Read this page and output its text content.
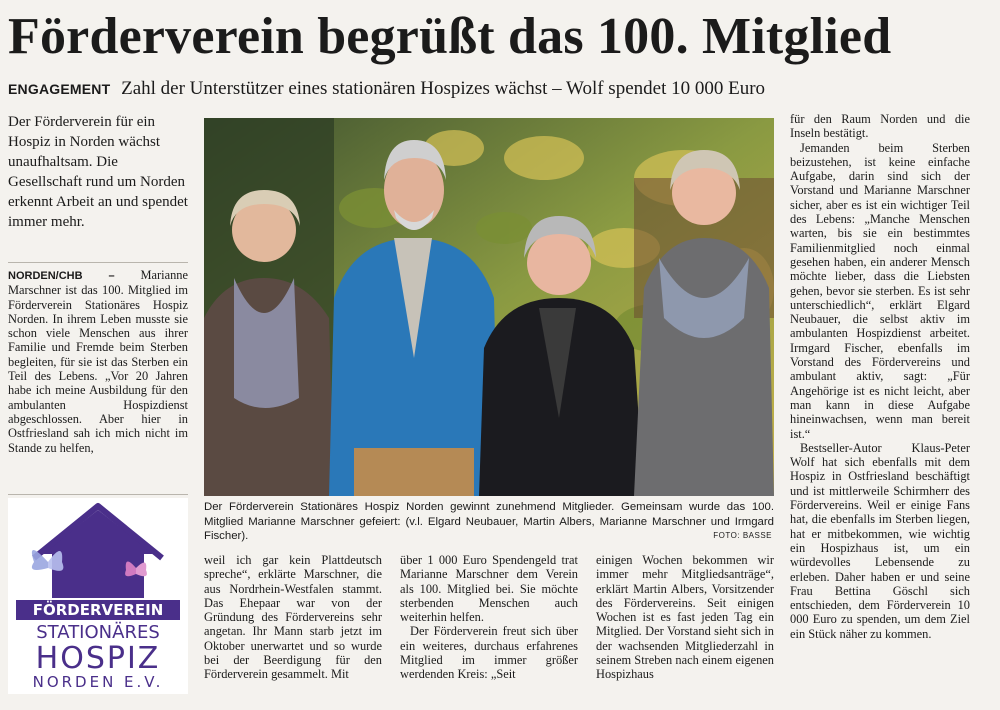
Förderverein begrüßt das 100. Mitglied
ENGAGEMENT Zahl der Unterstützer eines stationären Hospizes wächst – Wolf spendet 10 000 Euro
Der Förderverein für ein Hospiz in Norden wächst unaufhaltsam. Die Gesellschaft rund um Norden erkennt Arbeit an und spendet immer mehr.

NORDEN/CHB – Marianne Marschner ist das 100. Mitglied im Förderverein Stationäres Hospiz Norden. In ihrem Leben musste sie schon viele Menschen aus ihrer Familie und Fremde beim Sterben begleiten, für sie ist das Sterben ein Teil des Lebens. „Vor 20 Jahren habe ich meine Ausbildung für den ambulanten Hospizdienst abgeschlossen. Aber hier in Ostfriesland sah ich mich nicht im Stande zu helfen,

Der Förderverein Stationäres Hospiz Norden gewinnt zunehmend Mitglieder. Gemeinsam wurde das 100. Mitglied Marianne Marschner gefeiert: (v.l. Elgard Neubauer, Martin Albers, Marianne Marschner und Irmgard Fischer).	FOTO: BASSE

weil ich gar kein Plattdeutsch spreche“, erklärte Marschner, die aus Nordrhein-Westfalen stammt. Das Ehepaar war von der Gründung des Fördervereins sehr angetan. Ihr Mann starb jetzt im Oktober unerwartet und so wurde bei der Beerdigung für den Förderverein gesammelt. Mit

über 1 000 Euro Spendengeld trat Marianne Marschner dem Verein als 100. Mitglied bei. Sie möchte sterbenden Menschen auch weiterhin helfen.

Der Förderverein freut sich über ein weiteres, durchaus erfahrenes Mitglied im immer größer werdenden Kreis: „Seit

einigen Wochen bekommen wir immer mehr Mitgliedsanträge“, erklärt Martin Albers, Vorsitzender des Fördervereins. Seit einigen Wochen ist es fast jeden Tag ein Mitglied. Der Vorstand sieht sich in der wachsenden Mitgliederzahl in seinem Streben nach einem eigenen Hospizhaus

für den Raum Norden und die Inseln bestätigt.

Jemanden beim Sterben beizustehen, ist keine einfache Aufgabe, darin sind sich der Vorstand und Marianne Marschner sicher, aber es ist ein wichtiger Teil des Lebens: „Manche Menschen warten, bis sie ein bestimmtes Familienmitglied noch einmal gesehen haben, ein anderer Mensch möchte lieber, dass die Liebsten gehen, bevor sie sterben. Es ist sehr unterschiedlich“, erklärt Elgard Neubauer, die selbst aktiv im ambulanten Hospizdienst arbeitet. Irmgard Fischer, ebenfalls im Vorstand des Fördervereins und ambulant aktiv, sagt: „Für Angehörige ist es nicht leicht, aber man kann in diese Aufgabe hineinwachsen, wenn man bereit ist.“

Bestseller-Autor Klaus-Peter Wolf hat sich ebenfalls mit dem Hospiz in Ostfriesland beschäftigt und ist mittlerweile Schirmherr des Fördervereins. Weil er einige Fans hat, die ebenfalls im Sterben liegen, hat er mitbekommen, wie wichtig ein Hospizhaus ist, um ein würdevolles Lebensende zu erleben. Daher haben er und seine Frau Bettina Göschl sich entschieden, dem Förderverein 10 000 Euro zu spenden, um dem Ziel ein Stück näher zu kommen.

FÖRDERVEREIN
STATIONÄRES
HOSPIZ
NORDEN E.V.
